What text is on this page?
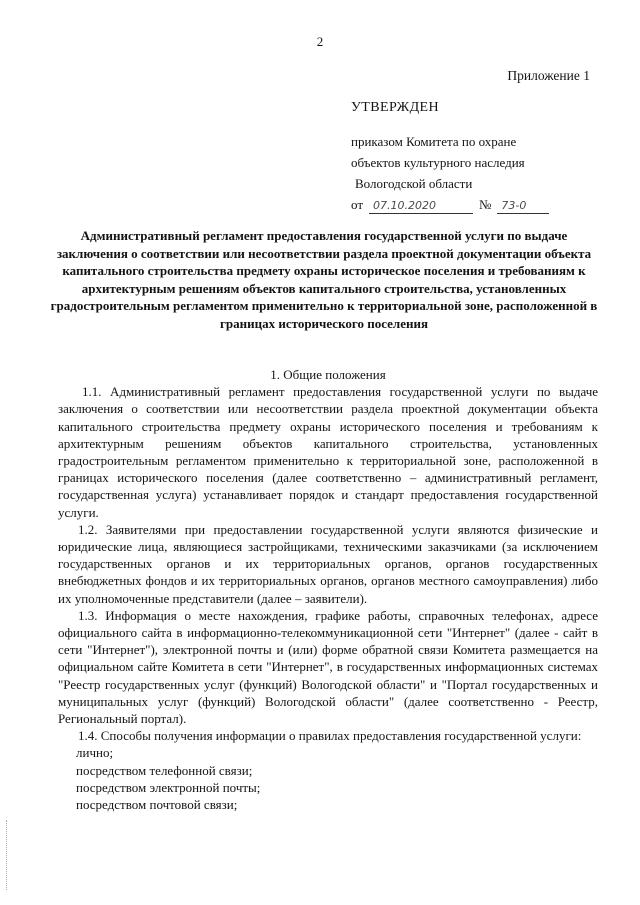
2
Приложение 1
УТВЕРЖДЕН
приказом Комитета по охране
объектов культурного наследия
Вологодской области
от 07.10.2020	№ 73-0
Административный регламент предоставления государственной услуги по выдаче заключения о соответствии или несоответствии раздела проектной документации объекта капитального строительства предмету охраны историческое поселения и требованиям к архитектурным решениям объектов капитального строительства, установленных градостроительным регламентом применительно к территориальной зоне, расположенной в границах исторического поселения
1. Общие положения

1.1. Административный регламент предоставления государственной услуги по выдаче заключения о соответствии или несоответствии раздела проектной документации объекта капитального строительства предмету охраны исторического поселения и требованиям к архитектурным решениям объектов капитального строительства, установленных градостроительным регламентом применительно к территориальной зоне, расположенной в границах исторического поселения (далее соответственно – административный регламент, государственная услуга) устанавливает порядок и стандарт предоставления государственной услуги.

1.2. Заявителями при предоставлении государственной услуги являются физические и юридические лица, являющиеся застройщиками, техническими заказчиками (за исключением государственных органов и их территориальных органов, органов государственных внебюджетных фондов и их территориальных органов, органов местного самоуправления) либо их уполномоченные представители (далее – заявители).

1.3. Информация о месте нахождения, графике работы, справочных телефонах, адресе официального сайта в информационно-телекоммуникационной сети "Интернет" (далее - сайт в сети "Интернет"), электронной почты и (или) форме обратной связи Комитета размещается на официальном сайте Комитета в сети "Интернет", в государственных информационных системах "Реестр государственных услуг (функций) Вологодской области" и "Портал государственных и муниципальных услуг (функций) Вологодской области" (далее соответственно - Реестр, Региональный портал).

1.4. Способы получения информации о правилах предоставления государственной услуги:

лично;

посредством телефонной связи;

посредством электронной почты;

посредством почтовой связи;
